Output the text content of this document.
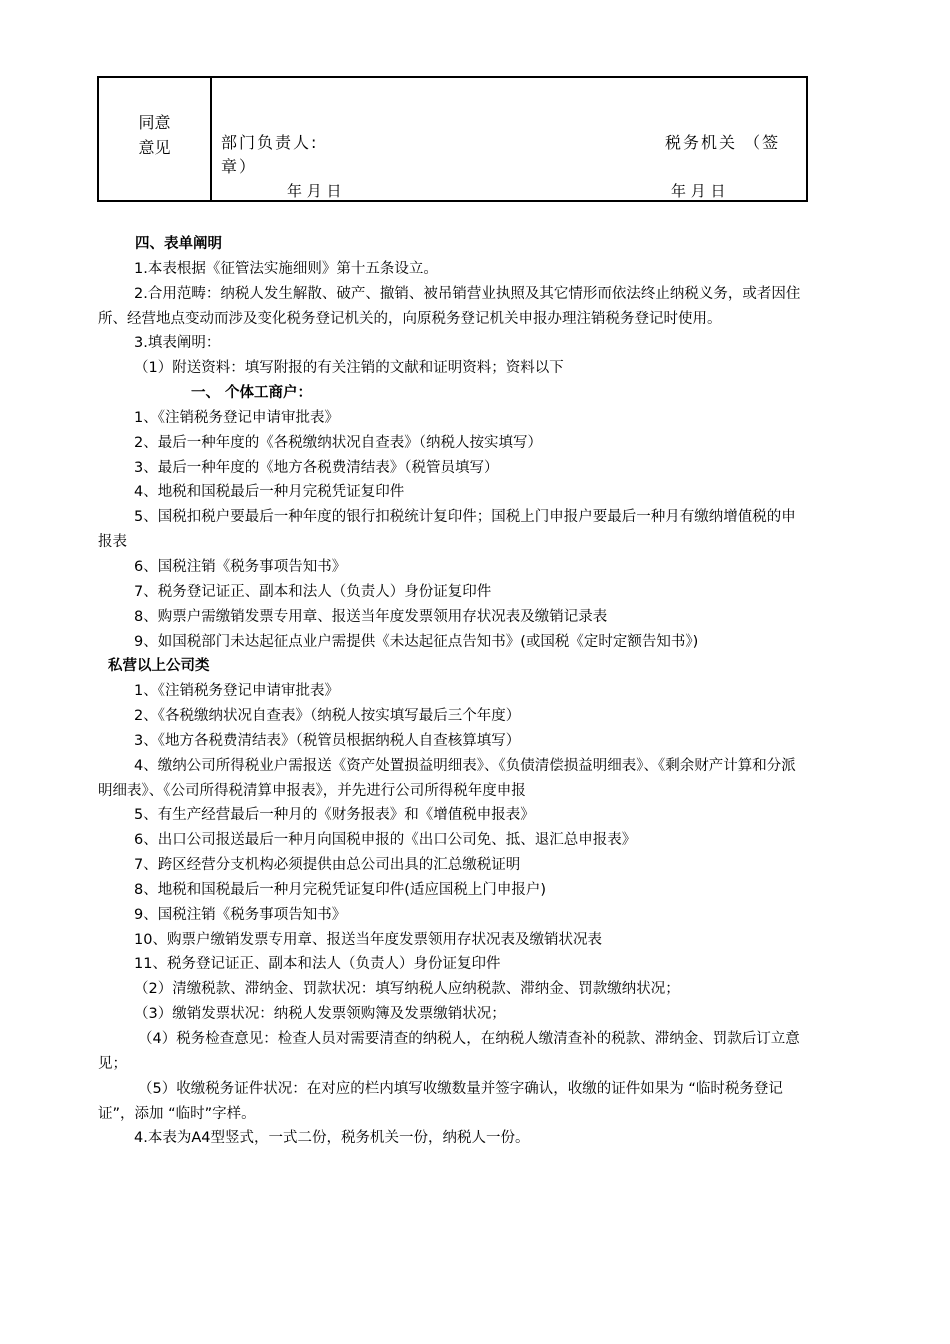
同意
意见	部门负责人:	税务机关 （签
章）
年 月 日	年 月 日
四、表单阐明
1.本表根据《征管法实施细则》第十五条设立。
2.合用范畴：纳税人发生解散、破产、撤销、被吊销营业执照及其它情形而依法终止纳税义务，或者因住所、经营地点变动而涉及变化税务登记机关的，向原税务登记机关申报办理注销税务登记时使用。
3.填表阐明：
（1）附送资料：填写附报的有关注销的文献和证明资料；资料以下
一、 个体工商户：
1、《注销税务登记申请审批表》
2、最后一种年度的《各税缴纳状况自查表》（纳税人按实填写）
3、最后一种年度的《地方各税费清结表》（税管员填写）
4、地税和国税最后一种月完税凭证复印件
5、国税扣税户要最后一种年度的银行扣税统计复印件；国税上门申报户要最后一种月有缴纳增值税的申报表
6、国税注销《税务事项告知书》
7、税务登记证正、副本和法人（负责人）身份证复印件
8、购票户需缴销发票专用章、报送当年度发票领用存状况表及缴销记录表
9、如国税部门未达起征点业户需提供《未达起征点告知书》(或国税《定时定额告知书》)
私营以上公司类
1、《注销税务登记申请审批表》
2、《各税缴纳状况自查表》（纳税人按实填写最后三个年度）
3、《地方各税费清结表》（税管员根据纳税人自查核算填写）
4、缴纳公司所得税业户需报送《资产处置损益明细表》、《负债清偿损益明细表》、《剩余财产计算和分派明细表》、《公司所得税清算申报表》，并先进行公司所得税年度申报
5、有生产经营最后一种月的《财务报表》和《增值税申报表》
6、出口公司报送最后一种月向国税申报的《出口公司免、抵、退汇总申报表》
7、跨区经营分支机构必须提供由总公司出具的汇总缴税证明
8、地税和国税最后一种月完税凭证复印件(适应国税上门申报户)
9、国税注销《税务事项告知书》
10、购票户缴销发票专用章、报送当年度发票领用存状况表及缴销状况表
11、税务登记证正、副本和法人（负责人）身份证复印件
（2）清缴税款、滞纳金、罚款状况：填写纳税人应纳税款、滞纳金、罚款缴纳状况；
（3）缴销发票状况：纳税人发票领购簿及发票缴销状况；
（4）税务检查意见：检查人员对需要清查的纳税人，在纳税人缴清查补的税款、滞纳金、罚款后订立意见；
（5）收缴税务证件状况：在对应的栏内填写收缴数量并签字确认，收缴的证件如果为 “临时税务登记证”，添加 “临时”字样。
4.本表为A4型竖式，一式二份，税务机关一份，纳税人一份。
